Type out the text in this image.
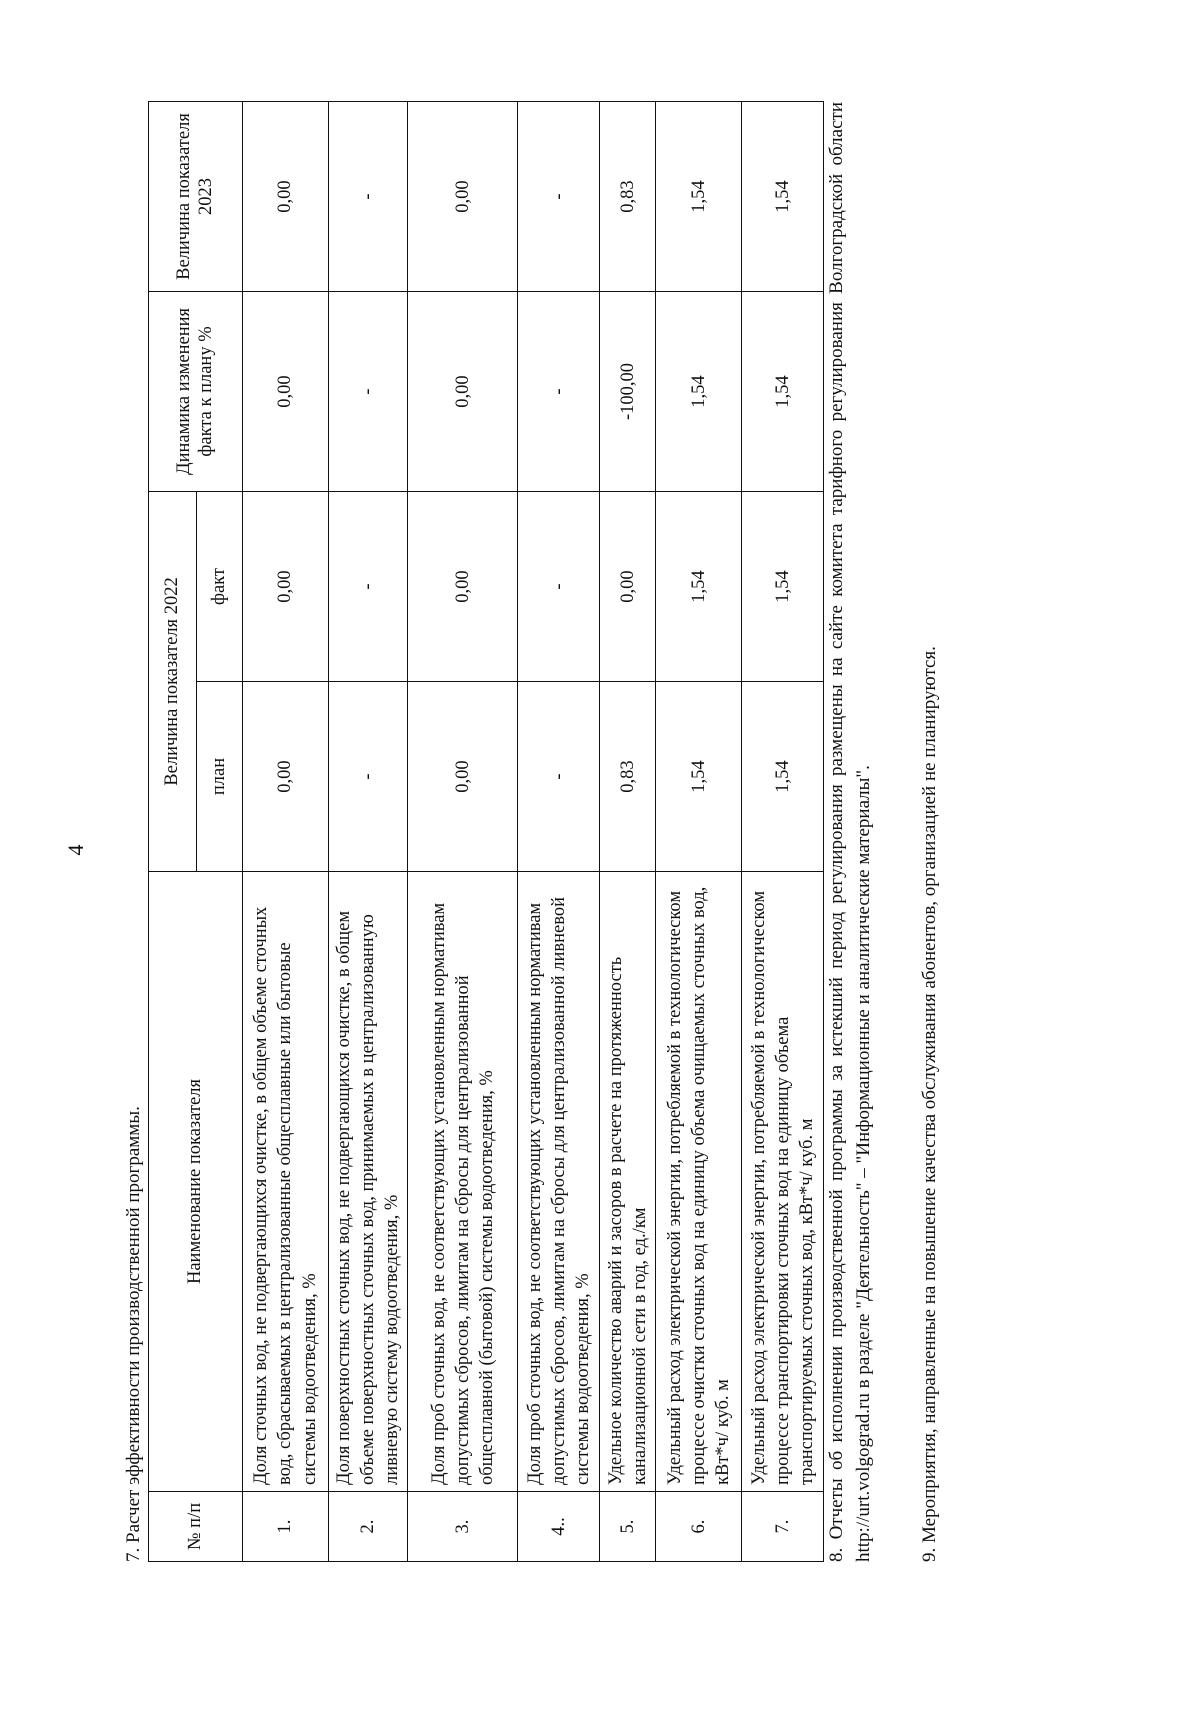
4
7. Расчет эффективности производственной программы. № п/п	Наименование показателя	Величина показателя 2022		Динамика изменения факта к плану %	Величина показателя 2023
		план	факт		
1.	Доля сточных вод, не подвергающихся очистке, в общем объеме сточных вод, сбрасываемых в централизованные общесплавные или бытовые системы водоотведения, %	0,00	0,00	0,00	0,00
2.	Доля поверхностных сточных вод, не подвергающихся очистке, в общем объеме поверхностных сточных вод, принимаемых в централизованную ливневую систему водоотведения, %	-	-	-	-
3.	Доля проб сточных вод, не соответствующих установленным нормативам допустимых сбросов, лимитам на сбросы для централизованной общесплавной (бытовой) системы водоотведения, %	0,00	0,00	0,00	0,00
4..	Доля проб сточных вод, не соответствующих установленным нормативам допустимых сбросов, лимитам на сбросы для централизованной ливневой системы водоотведения, %	-	-	-	-
5.	Удельное количество аварий и засоров в расчете на протяженность канализационной сети в год, ед./км	0,83	0,00	-100,00	0,83
6.	Удельный расход электрической энергии, потребляемой в технологическом процессе очистки сточных вод на единицу объема очищаемых сточных вод, кВт*ч/ куб. м	1,54	1,54	1,54	1,54
7.	Удельный расход электрической энергии, потребляемой в технологическом процессе транспортировки сточных вод на единицу объема транспортируемых сточных вод, кВт*ч/ куб. м	1,54	1,54	1,54	1,54 8. Отчеты об исполнении производственной программы за истекший период регулирования размещены на сайте комитета тарифного регулирования Волгоградской области http://urt.volgograd.ru в разделе "Деятельность" – "Информационные и аналитические материалы". 9. Мероприятия, направленные на повышение качества обслуживания абонентов, организацией не планируются.
